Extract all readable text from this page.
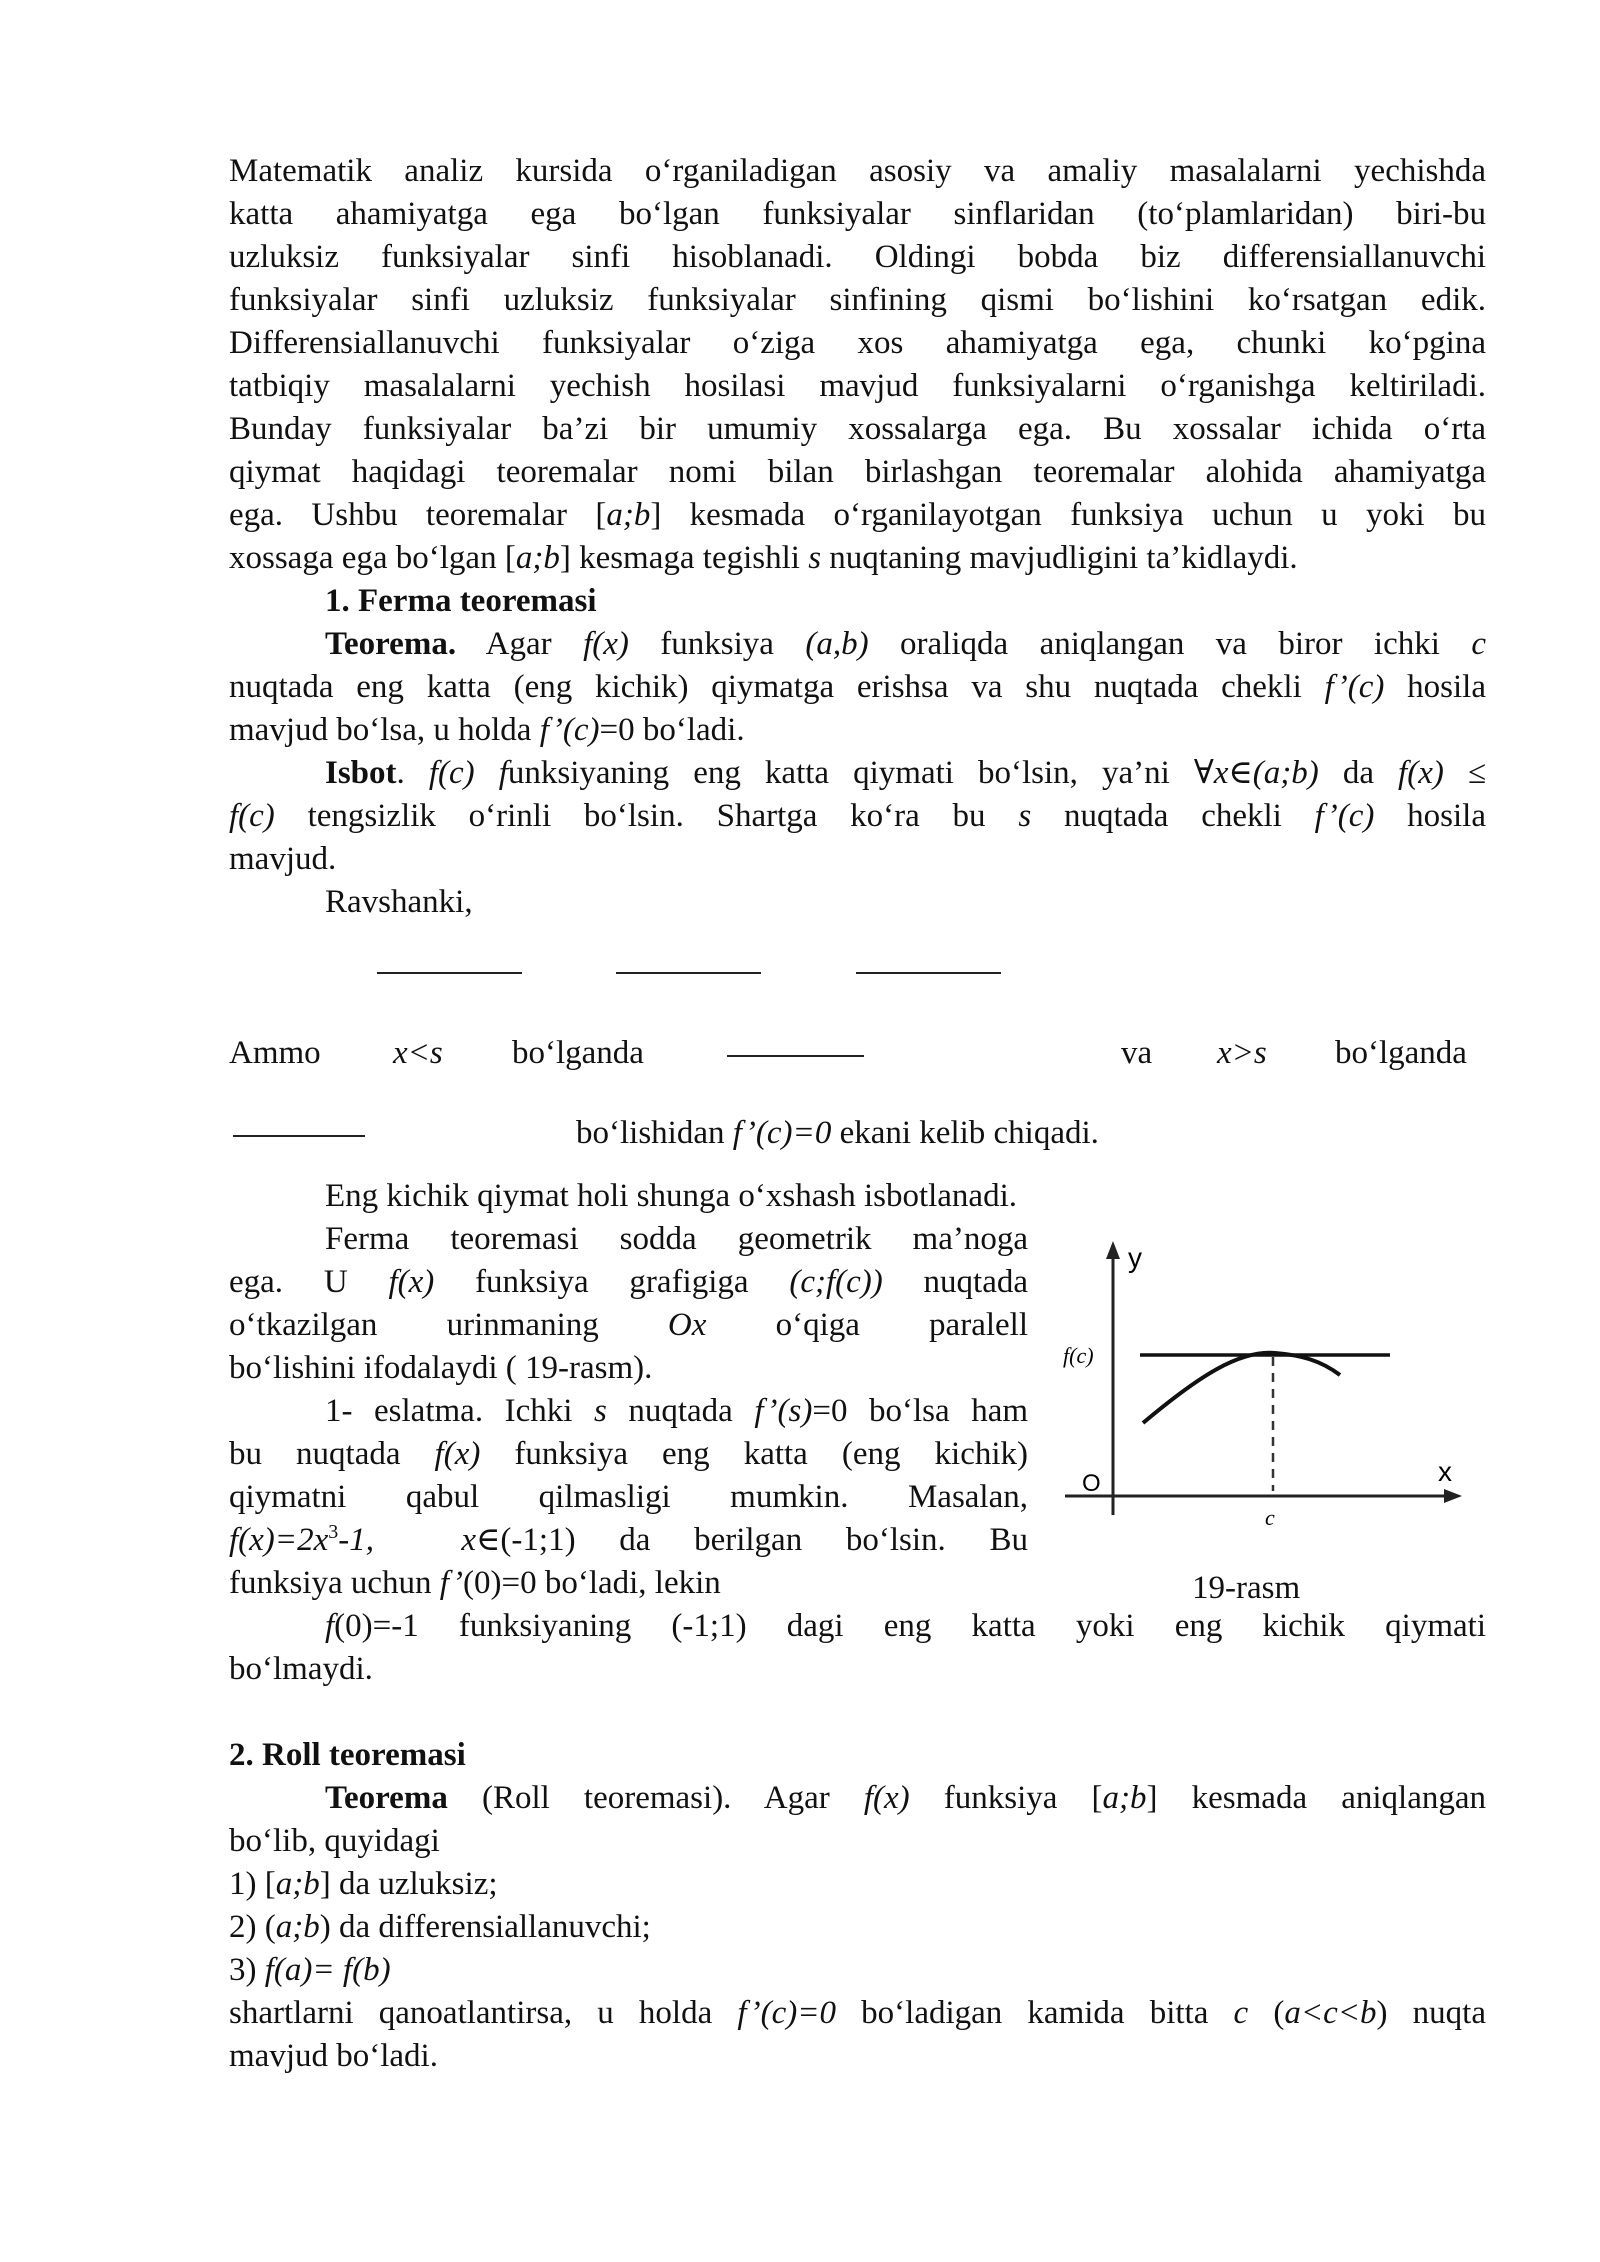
Matematik analiz kursida o‘rganiladigan asosiy va amaliy masalalarni yechishda
katta ahamiyatga ega bo‘lgan funksiyalar sinflaridan (to‘plamlaridan) biri-bu
uzluksiz funksiyalar sinfi hisoblanadi. Oldingi bobda biz differensiallanuvchi
funksiyalar sinfi uzluksiz funksiyalar sinfining qismi bo‘lishini ko‘rsatgan edik.
Differensiallanuvchi funksiyalar o‘ziga xos ahamiyatga ega, chunki ko‘pgina
tatbiqiy masalalarni yechish hosilasi mavjud funksiyalarni o‘rganishga keltiriladi.
Bunday funksiyalar ba’zi bir umumiy xossalarga ega. Bu xossalar ichida o‘rta
qiymat haqidagi teoremalar nomi bilan birlashgan teoremalar alohida ahamiyatga
ega. Ushbu teoremalar [a;b] kesmada o‘rganilayotgan funksiya uchun u yoki bu
xossaga ega bo‘lgan [a;b] kesmaga tegishli s nuqtaning mavjudligini ta’kidlaydi.
1. Ferma teoremasi
Teorema. Agar f(x) funksiya (a,b) oraliqda aniqlangan va biror ichki c
nuqtada eng katta (eng kichik) qiymatga erishsa va shu nuqtada chekli f’(c) hosila
mavjud bo‘lsa, u holda f’(c)=0 bo‘ladi.
Isbot. f(c) funksiyaning eng katta qiymati bo‘lsin, ya’ni ∀x∈(a;b) da f(x) ≤
f(c) tengsizlik o‘rinli bo‘lsin. Shartga ko‘ra bu s nuqtada chekli f’(c) hosila
mavjud.
Ravshanki,
Ammo x<s bo‘lganda	va x>s bo‘lganda
bo‘lishidan f’(c)=0 ekani kelib chiqadi.
Eng kichik qiymat holi shunga o‘xshash isbotlanadi.
Ferma teoremasi sodda geometrik ma’noga
ega. U f(x) funksiya grafigiga (c;f(c)) nuqtada
o‘tkazilgan urinmaning Ox o‘qiga paralell
bo‘lishini ifodalaydi ( 19-rasm).
1- eslatma. Ichki s nuqtada f’(s)=0 bo‘lsa ham
bu nuqtada f(x) funksiya eng katta (eng kichik)
qiymatni qabul qilmasligi mumkin. Masalan,
$f(x)=2x^3-1$,  x∈(-1;1) da berilgan bo‘lsin. Bu
funksiya uchun f’(0)=0 bo‘ladi, lekin
f(0)=-1 funksiyaning (-1;1) dagi eng katta yoki eng kichik qiymati
bo‘lmaydi.
2. Roll teoremasi
Teorema (Roll teoremasi). Agar f(x) funksiya [a;b] kesmada aniqlangan
bo‘lib, quyidagi
1) [a;b] da uzluksiz;
2) (a;b) da differensiallanuvchi;
3) f(a)= f(b)
shartlarni qanoatlantirsa, u holda f’(c)=0 bo‘ladigan kamida bitta c (a<c<b) nuqta
mavjud bo‘ladi.
y
x
O
f(c)
c
19-rasm
